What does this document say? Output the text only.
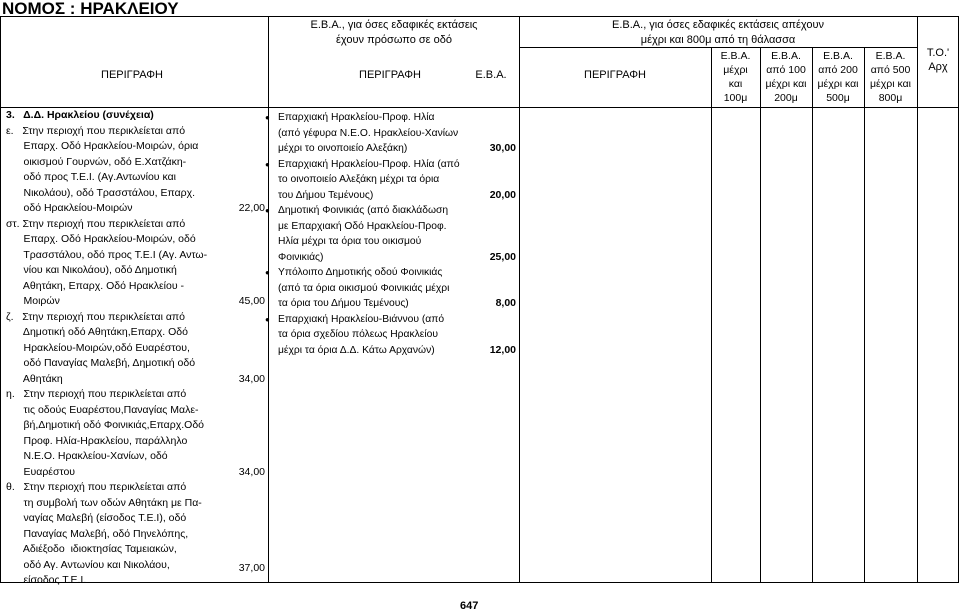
ΝΟΜΟΣ : ΗΡΑΚΛΕΙΟΥ
ΠΕΡΙΓΡΑΦΗ
Ε.Β.Α., για όσες εδαφικές εκτάσεις
έχουν πρόσωπο σε οδό
ΠΕΡΙΓΡΑΦΗ	Ε.Β.Α.
Ε.Β.Α., για όσες εδαφικές εκτάσεις απέχουν
μέχρι και 800μ από τη θάλασσα
ΠΕΡΙΓΡΑΦΗ
Ε.Β.Α.
μέχρι
και
100μ
Ε.Β.Α.
από 100
μέχρι και
200μ
Ε.Β.Α.
από 200
μέχρι και
500μ
Ε.Β.Α.
από 500
μέχρι και
800μ
Τ.Ο.'
Αρχ
3.   Δ.Δ. Ηρακλείου (συνέχεια)
ε.   Στην περιοχή που περικλείεται από
Επαρχ. Οδό Ηρακλείου-Μοιρών, όρια
οικισμού Γουρνών, οδό Ε.Χατζάκη-
οδό προς Τ.Ε.Ι. (Αγ.Αντωνίου και
Νικολάου), οδό Τρασστάλου, Επαρχ.
οδό Ηρακλείου-Μοιρών
στ. Στην περιοχή που περικλείεται από
Επαρχ. Οδό Ηρακλείου-Μοιρών, οδό
Τρασστάλου, οδό προς Τ.Ε.Ι (Αγ. Αντω-
νίου και Νικολάου), οδό Δημοτική
Αθητάκη, Επαρχ. Οδό Ηρακλείου -
Μοιρών
ζ.   Στην περιοχή που περικλείεται από
Δημοτική οδό Αθητάκη,Επαρχ. Οδό
Ηρακλείου-Μοιρών,οδό Ευαρέστου,
οδό Παναγίας Μαλεβή, Δημοτική οδό
Αθητάκη
η.   Στην περιοχή που περικλείεται από
τις οδούς Ευαρέστου,Παναγίας Μαλε-
βή,Δημοτική οδό Φοινικιάς,Επαρχ.Οδό
Προφ. Ηλία-Ηρακλείου, παράλληλο
Ν.Ε.Ο. Ηρακλείου-Χανίων, οδό
Ευαρέστου
θ.   Στην περιοχή που περικλείεται από
τη συμβολή των οδών Αθητάκη με Πα-
ναγίας Μαλεβή (είσοδος Τ.Ε.Ι), οδό
Παναγίας Μαλεβή, οδό Πηνελόπης,
Αδιέξοδο  ιδιοκτησίας Ταμειακών,
οδό Αγ. Αντωνίου και Νικολάου,
είσοδος Τ.Ε.Ι.
22,00
45,00
34,00
34,00
37,00
● Επαρχιακή Ηρακλείου-Προφ. Ηλία
(από γέφυρα Ν.Ε.Ο. Ηρακλείου-Χανίων
μέχρι το οινοποιείο Αλεξάκη)
● Επαρχιακή Ηρακλείου-Προφ. Ηλία (από
το οινοποιείο Αλεξάκη μέχρι τα όρια
του Δήμου Τεμένους)
● Δημοτική Φοινικιάς (από διακλάδωση
με Επαρχιακή Οδό Ηρακλείου-Προφ.
Ηλία μέχρι τα όρια του οικισμού
Φοινικιάς)
● Υπόλοιπο Δημοτικής οδού Φοινικιάς
(από τα όρια οικισμού Φοινικιάς μέχρι
τα όρια του Δήμου Τεμένους)
● Επαρχιακή Ηρακλείου-Βιάννου (από
τα όρια σχεδίου πόλεως Ηρακλείου
μέχρι τα όρια Δ.Δ. Κάτω Αρχανών)
30,00
20,00
25,00
8,00
12,00
647
